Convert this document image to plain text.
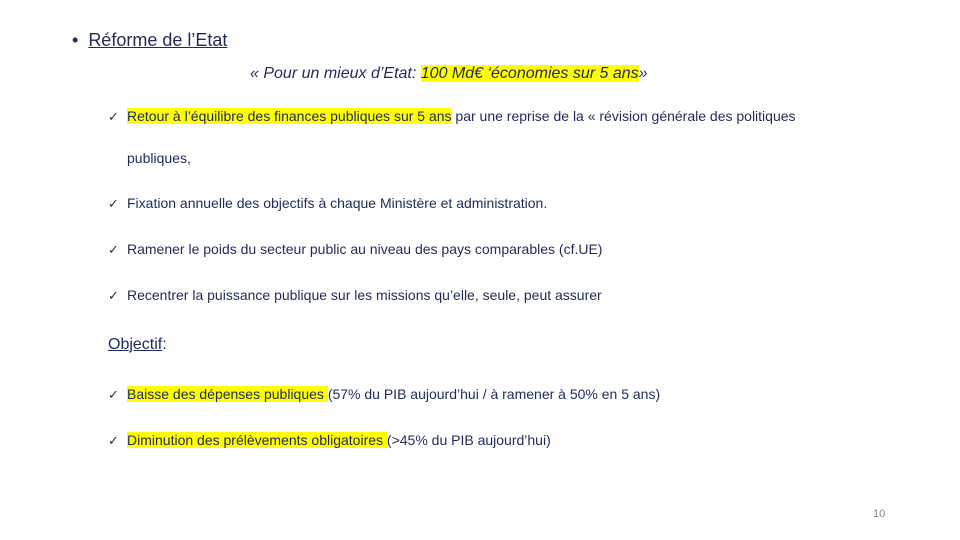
• Réforme de l’Etat
« Pour un mieux d’Etat: 100 Md€ ‘économies sur 5 ans»
✓ Retour à l’équilibre des finances publiques sur 5 ans par une reprise de la « révision générale des politiques
publiques,
✓ Fixation annuelle des objectifs à chaque Ministère et administration.
✓ Ramener le poids du secteur public au niveau des pays comparables (cf.UE)
✓ Recentrer la puissance publique sur les missions qu’elle, seule, peut assurer
Objectif:
✓ Baisse des dépenses publiques (57% du PIB aujourd’hui / à ramener à 50% en 5 ans)
✓ Diminution des prélèvements obligatoires (>45% du PIB aujourd’hui)
10
